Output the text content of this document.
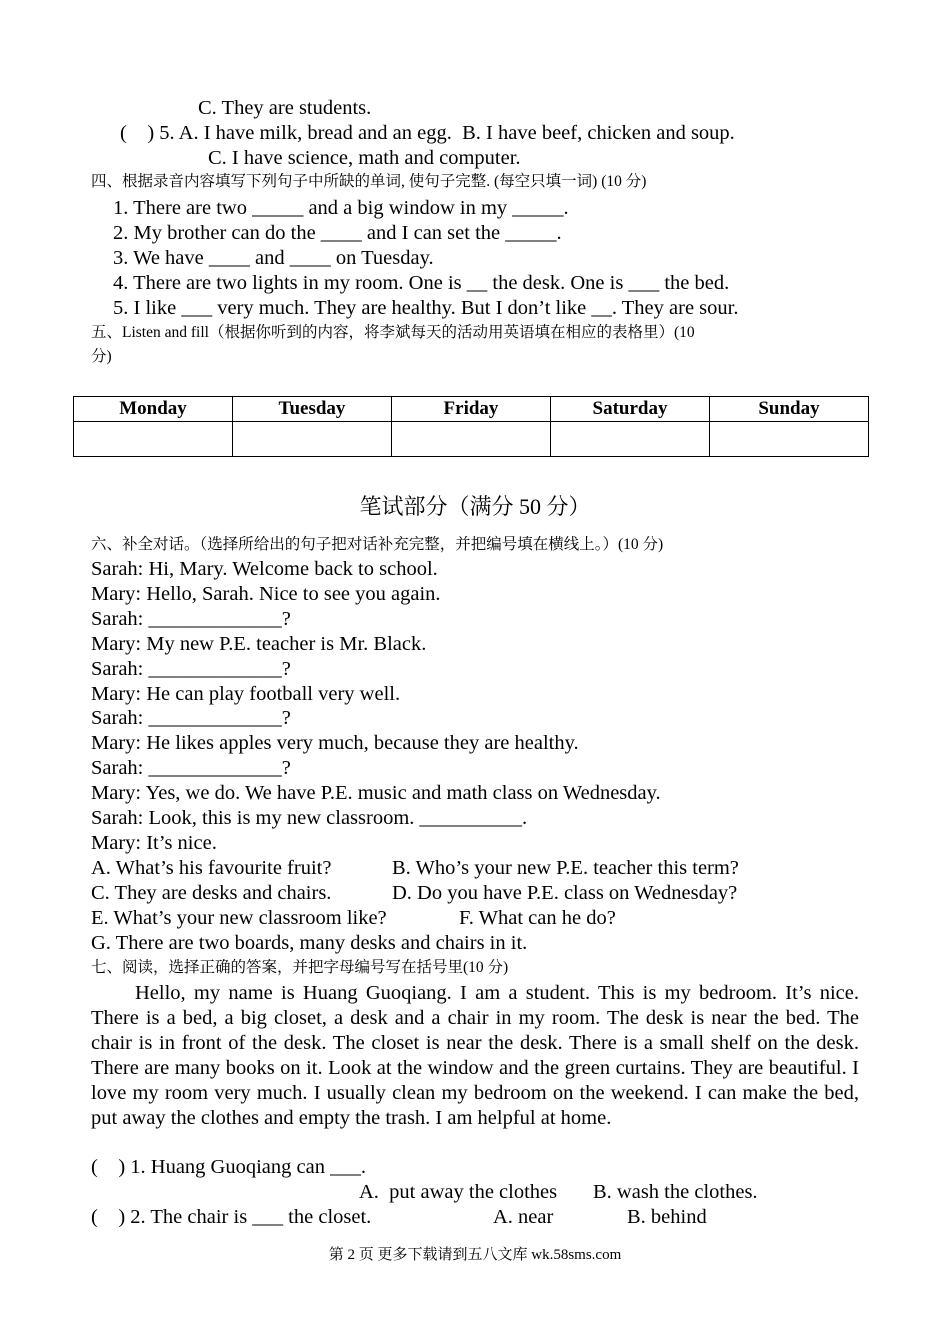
C. They are students.
(    ) 5. A. I have milk, bread and an egg.  B. I have beef, chicken and soup.
C. I have science, math and computer.
四、根据录音内容填写下列句子中所缺的单词, 使句子完整. (每空只填一词) (10 分)
1. There are two _____ and a big window in my _____.
2. My brother can do the ____ and I can set the _____.
3. We have ____ and ____ on Tuesday.
4. There are two lights in my room. One is __ the desk. One is ___ the bed.
5. I like ___ very much. They are healthy. But I don’t like __. They are sour.
五、Listen and fill（根据你听到的内容，将李斌每天的活动用英语填在相应的表格里）(10
分)
Monday	Tuesday	Friday	Saturday	Sunday

笔试部分（满分 50 分）
六、补全对话。（选择所给出的句子把对话补充完整，并把编号填在横线上。）(10 分)
Sarah: Hi, Mary. Welcome back to school.
Mary: Hello, Sarah. Nice to see you again.
Sarah: _____________?
Mary: My new P.E. teacher is Mr. Black.
Sarah: _____________?
Mary: He can play football very well.
Sarah: _____________?
Mary: He likes apples very much, because they are healthy.
Sarah: _____________?
Mary: Yes, we do. We have P.E. music and math class on Wednesday.
Sarah: Look, this is my new classroom. __________.
Mary: It’s nice.
A. What’s his favourite fruit?	B. Who’s your new P.E. teacher this term?
C. They are desks and chairs.	D. Do you have P.E. class on Wednesday?
E. What’s your new classroom like?	F. What can he do?
G. There are two boards, many desks and chairs in it.
七、阅读，选择正确的答案，并把字母编号写在括号里(10 分)
Hello, my name is Huang Guoqiang. I am a student. This is my bedroom. It’s nice. There is a bed, a big closet, a desk and a chair in my room. The desk is near the bed. The chair is in front of the desk. The closet is near the desk. There is a small shelf on the desk. There are many books on it. Look at the window and the green curtains. They are beautiful. I love my room very much. I usually clean my bedroom on the weekend. I can make the bed, put away the clothes and empty the trash. I am helpful at home.
(    ) 1. Huang Guoqiang can ___.
A.  put away the clothes B. wash the clothes.
(    ) 2. The chair is ___ the closet.	A. near	B. behind
第 2 页 更多下载请到五八文库 wk.58sms.com
